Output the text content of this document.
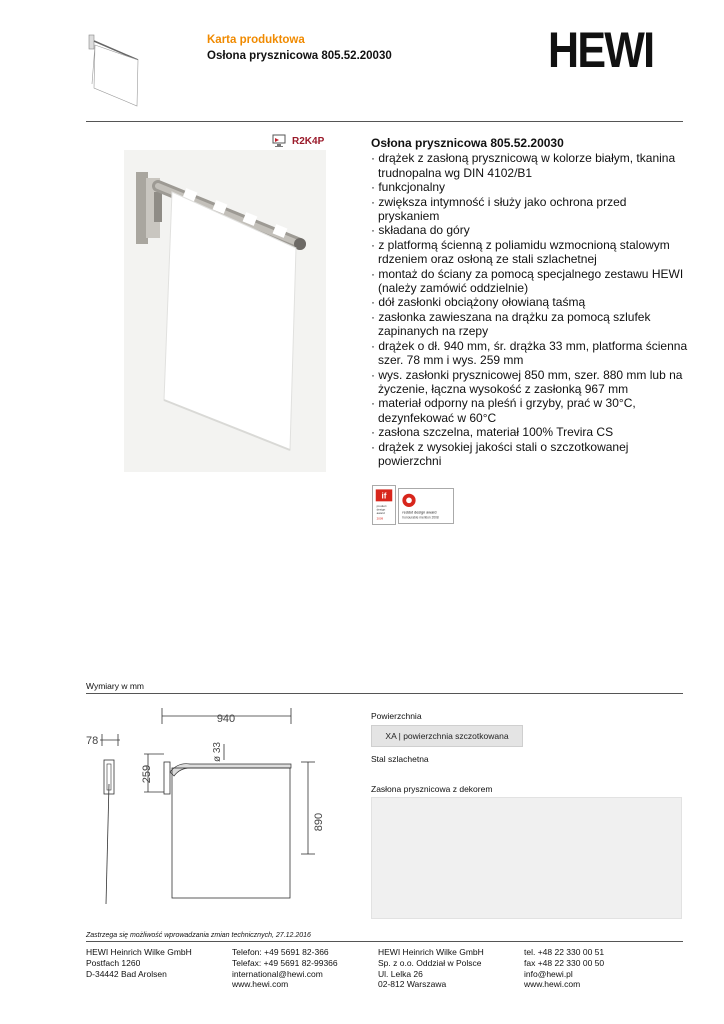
Karta produktowa
Osłona prysznicowa 805.52.20030	HEWI
R2K4P	Osłona prysznicowa 805.52.20030
· drążek z zasłoną prysznicową w kolorze białym, tkanina trudnopalna wg DIN 4102/B1
· funkcjonalny
· zwiększa intymność i służy jako ochrona przed pryskaniem
· składana do góry
· z platformą ścienną z poliamidu wzmocnioną stalowym rdzeniem oraz osłoną ze stali szlachetnej
· montaż do ściany za pomocą specjalnego zestawu HEWI (należy zamówić oddzielnie)
· dół zasłonki obciążony ołowianą taśmą
· zasłonka zawieszana na drążku za pomocą szlufek zapinanych na rzepy
· drążek o dł. 940 mm, śr. drążka 33 mm, platforma ścienna szer. 78 mm i wys. 259 mm
· wys. zasłonki prysznicowej 850 mm, szer. 880 mm lub na życzenie, łączna wysokość z zasłonką 967 mm
· materiał odporny na pleśń i grzyby, prać w 30°C, dezynfekować w 60°C
· zasłona szczelna, materiał 100% Trevira CS
· drążek z wysokiej jakości stali o szczotkowanej powierzchni
if
product
design
award
2009
reddot design award
honourable mention 2008
Wymiary w mm
940
78
ø 33
259
890
Powierzchnia
XA | powierzchnia szczotkowana
Stal szlachetna
Zasłona prysznicowa z dekorem
Zastrzega się możliwość wprowadzania zmian technicznych, 27.12.2016
HEWI Heinrich Wilke GmbH
Postfach 1260
D-34442 Bad Arolsen
Telefon: +49 5691 82-366
Telefax: +49 5691 82-99366
international@hewi.com
www.hewi.com
HEWI Heinrich Wilke GmbH
Sp. z o.o. Oddział w Polsce
Ul. Lelka 26
02-812 Warszawa
tel. +48 22 330 00 51
fax +48 22 330 00 50
info@hewi.pl
www.hewi.com
